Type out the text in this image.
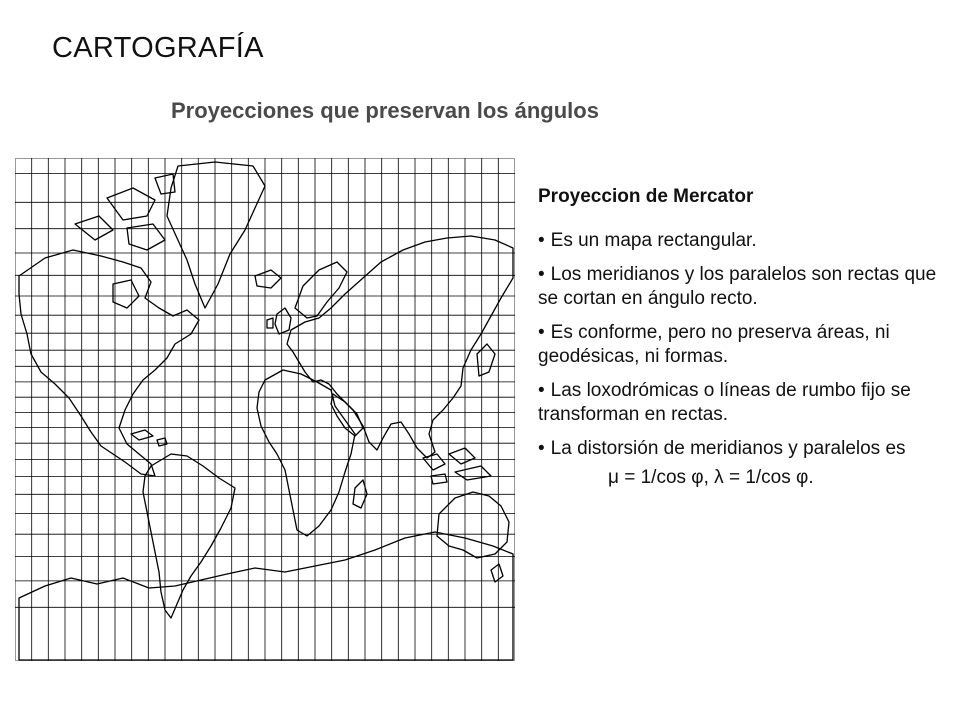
CARTOGRAFÍA
Proyecciones que preservan los ángulos
Proyeccion de Mercator
• Es un mapa rectangular.
• Los meridianos y los paralelos son rectas que se cortan en ángulo recto.
• Es conforme, pero no preserva áreas, ni geodésicas, ni formas.
• Las loxodrómicas o líneas de rumbo fijo se transforman en rectas.
• La distorsión de meridianos y paralelos es
μ = 1/cos φ, λ = 1/cos φ.
